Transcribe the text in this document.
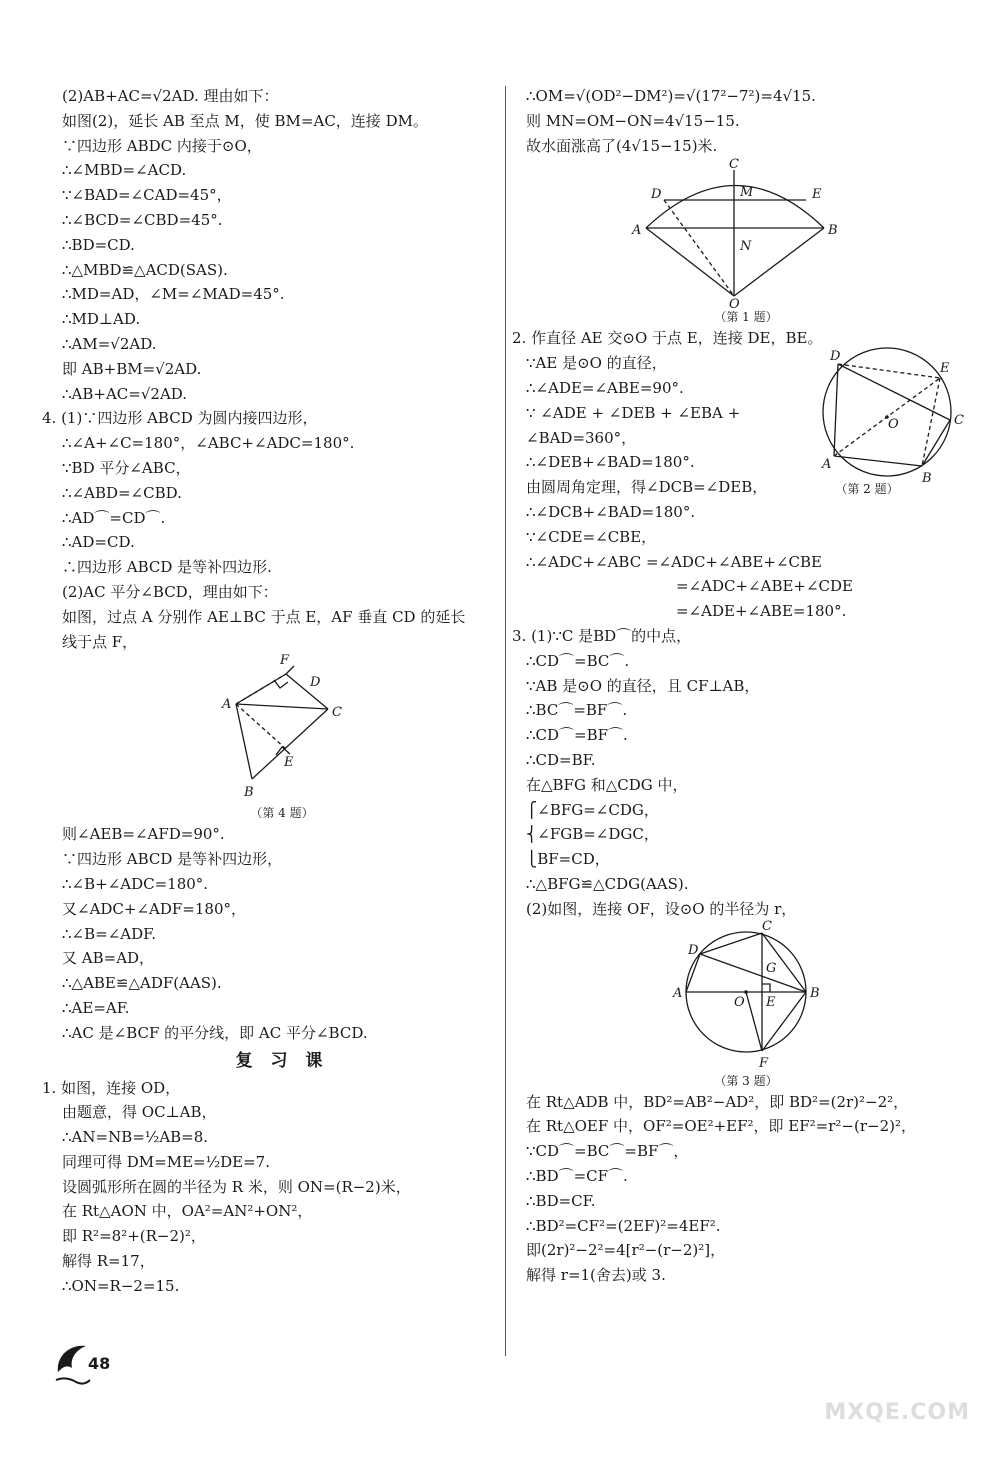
(2)AB+AC=√2AD. 理由如下：
如图(2)，延长 AB 至点 M，使 BM=AC，连接 DM。
∵四边形 ABDC 内接于⊙O，
∴∠MBD=∠ACD.
∵∠BAD=∠CAD=45°，
∴∠BCD=∠CBD=45°.
∴BD=CD.
∴△MBD≌△ACD(SAS).
∴MD=AD，∠M=∠MAD=45°.
∴MD⊥AD.
∴AM=√2AD.
即 AB+BM=√2AD.
∴AB+AC=√2AD.
4. (1)∵四边形 ABCD 为圆内接四边形，
∴∠A+∠C=180°，∠ABC+∠ADC=180°.
∵BD 平分∠ABC，
∴∠ABD=∠CBD.
∴AD⌒=CD⌒.
∴AD=CD.
∴四边形 ABCD 是等补四边形.
(2)AC 平分∠BCD，理由如下：
如图，过点 A 分别作 AE⊥BC 于点 E，AF 垂直 CD 的延长
线于点 F，
F
D
A
C
E
B
（第 4 题）
则∠AEB=∠AFD=90°.
∵四边形 ABCD 是等补四边形，
∴∠B+∠ADC=180°.
又∠ADC+∠ADF=180°，
∴∠B=∠ADF.
又 AB=AD，
∴△ABE≌△ADF(AAS).
∴AE=AF.
∴AC 是∠BCF 的平分线，即 AC 平分∠BCD.
复 习 课
1. 如图，连接 OD，
由题意，得 OC⊥AB，
∴AN=NB=½AB=8.
同理可得 DM=ME=½DE=7.
设圆弧形所在圆的半径为 R 米，则 ON=(R−2)米，
在 Rt△AON 中，OA²=AN²+ON²，
即 R²=8²+(R−2)²，
解得 R=17，
∴ON=R−2=15.
∴OM=√(OD²−DM²)=√(17²−7²)=4√15.
则 MN=OM−ON=4√15−15.
故水面涨高了(4√15−15)米.
C
D	M	E
A
N
B
O
（第 1 题）
2. 作直径 AE 交⊙O 于点 E，连接 DE，BE。
∵AE 是⊙O 的直径，
∴∠ADE=∠ABE=90°.
∵ ∠ADE + ∠DEB + ∠EBA +
∠BAD=360°，
∴∠DEB+∠BAD=180°.
由圆周角定理，得∠DCB=∠DEB，
∴∠DCB+∠BAD=180°.
∵∠CDE=∠CBE，
∴∠ADC+∠ABC =∠ADC+∠ABE+∠CBE
=∠ADC+∠ABE+∠CDE
=∠ADE+∠ABE=180°.
D
E
C
O
A
B
（第 2 题）
3. (1)∵C 是BD⌒的中点，
∴CD⌒=BC⌒.
∵AB 是⊙O 的直径，且 CF⊥AB，
∴BC⌒=BF⌒.
∴CD⌒=BF⌒.
∴CD=BF.
在△BFG 和△CDG 中，
⎧∠BFG=∠CDG，
⎨∠FGB=∠DGC，
⎩BF=CD，
∴△BFG≌△CDG(AAS).
(2)如图，连接 OF，设⊙O 的半径为 r，
C
D
G
A
O E
B
F
（第 3 题）
在 Rt△ADB 中，BD²=AB²−AD²，即 BD²=(2r)²−2²，
在 Rt△OEF 中，OF²=OE²+EF²，即 EF²=r²−(r−2)²，
∵CD⌒=BC⌒=BF⌒，
∴BD⌒=CF⌒.
∴BD=CF.
∴BD²=CF²=(2EF)²=4EF².
即(2r)²−2²=4[r²−(r−2)²]，
解得 r=1(舍去)或 3.
48
MXQE.COM
